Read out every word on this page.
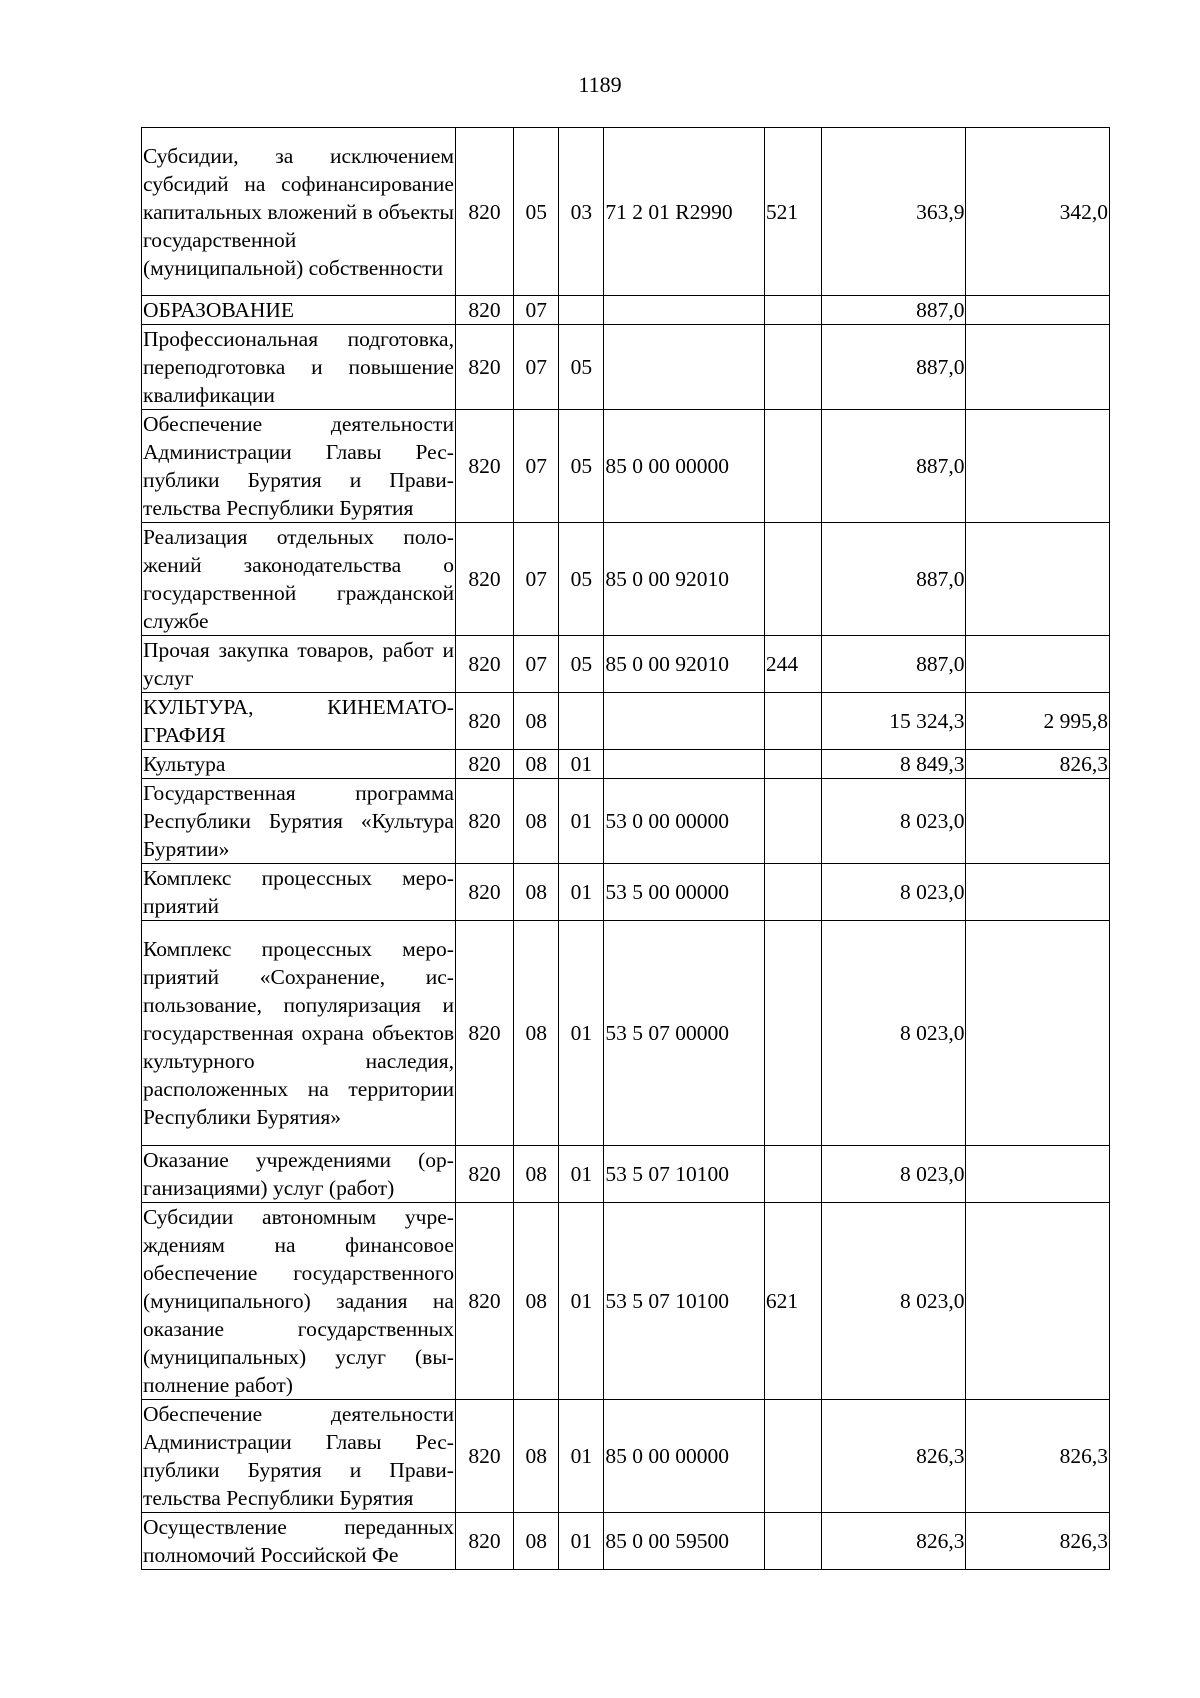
1189
Субсидии, за исключением субсидий на софинансирование капитальных вложений в объекты государственной (муниципальной) собственности	820	05	03	71 2 01 R2990	521	363,9	342,0
ОБРАЗОВАНИЕ	820	07				887,0	
Профессиональная подготовка, переподготовка и повышение квалификации	820	07	05			887,0	
Обеспечение деятельности Администрации Главы Республики Бурятия и Правительства Республики Бурятия	820	07	05	85 0 00 00000		887,0	
Реализация отдельных положений законодательства о государственной гражданской службе	820	07	05	85 0 00 92010		887,0	
Прочая закупка товаров, работ и услуг	820	07	05	85 0 00 92010	244	887,0	
КУЛЬТУРА, КИНЕМАТОГРАФИЯ	820	08				15 324,3	2 995,8
Культура	820	08	01			8 849,3	826,3
Государственная программа Республики Бурятия «Культура Бурятии»	820	08	01	53 0 00 00000		8 023,0	
Комплекс процессных мероприятий	820	08	01	53 5 00 00000		8 023,0	
Комплекс процессных мероприятий «Сохранение, использование, популяризация и государственная охрана объектов культурного наследия, расположенных на территории Республики Бурятия»	820	08	01	53 5 07 00000		8 023,0	
Оказание учреждениями (организациями) услуг (работ)	820	08	01	53 5 07 10100		8 023,0	
Субсидии автономным учреждениям на финансовое обеспечение государственного (муниципального) задания на оказание государственных (муниципальных) услуг (выполнение работ)	820	08	01	53 5 07 10100	621	8 023,0	
Обеспечение деятельности Администрации Главы Республики Бурятия и Правительства Республики Бурятия	820	08	01	85 0 00 00000		826,3	826,3
Осуществление переданных полномочий Российской Фе	820	08	01	85 0 00 59500		826,3	826,3
